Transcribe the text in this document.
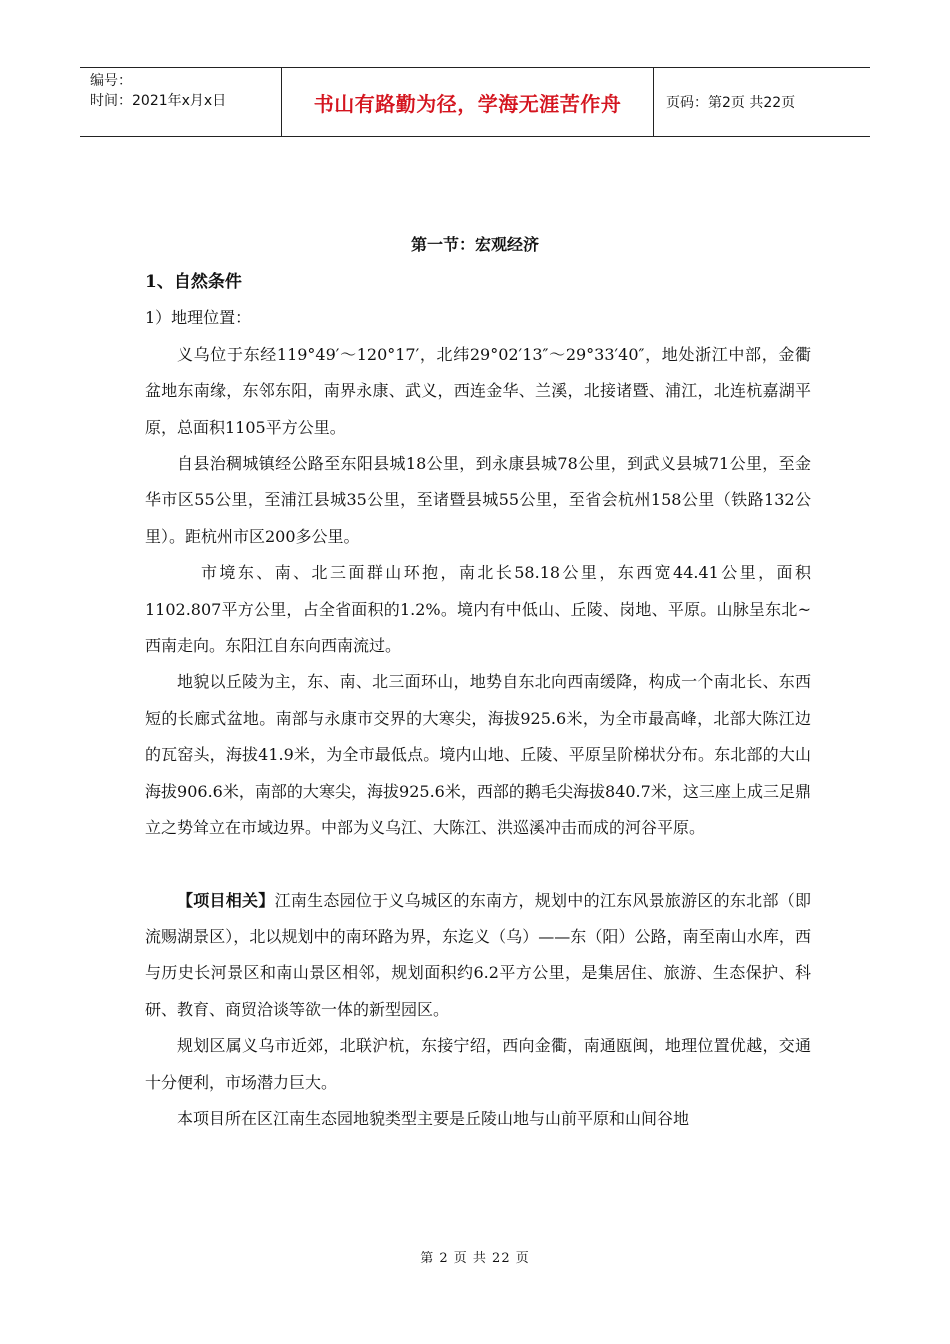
编号：
时间：2021年x月x日	书山有路勤为径，学海无涯苦作舟	页码：第2页 共22页
第一节：宏观经济

1、自然条件

1）地理位置：

义乌位于东经119°49′～120°17′，北纬29°02′13″～29°33′40″，地处浙江中部，金衢盆地东南缘，东邻东阳，南界永康、武义，西连金华、兰溪，北接诸暨、浦江，北连杭嘉湖平原，总面积1105平方公里。

自县治稠城镇经公路至东阳县城18公里，到永康县城78公里，到武义县城71公里，至金华市区55公里，至浦江县城35公里，至诸暨县城55公里，至省会杭州158公里（铁路132公里）。距杭州市区200多公里。

市境东、南、北三面群山环抱，南北长58.18公里，东西宽44.41公里，面积1102.807平方公里，占全省面积的1.2%。境内有中低山、丘陵、岗地、平原。山脉呈东北~西南走向。东阳江自东向西南流过。

地貌以丘陵为主，东、南、北三面环山，地势自东北向西南缓降，构成一个南北长、东西短的长廊式盆地。南部与永康市交界的大寒尖，海拔925.6米，为全市最高峰，北部大陈江边的瓦窑头，海拔41.9米，为全市最低点。境内山地、丘陵、平原呈阶梯状分布。东北部的大山海拔906.6米，南部的大寒尖，海拔925.6米，西部的鹅毛尖海拔840.7米，这三座上成三足鼎立之势耸立在市域边界。中部为义乌江、大陈江、洪巡溪冲击而成的河谷平原。

【项目相关】江南生态园位于义乌城区的东南方，规划中的江东风景旅游区的东北部（即流赐湖景区），北以规划中的南环路为界，东迄义（乌）——东（阳）公路，南至南山水库，西与历史长河景区和南山景区相邻，规划面积约6.2平方公里，是集居住、旅游、生态保护、科研、教育、商贸洽谈等欲一体的新型园区。

规划区属义乌市近郊，北联沪杭，东接宁绍，西向金衢，南通瓯闽，地理位置优越，交通十分便利，市场潜力巨大。

本项目所在区江南生态园地貌类型主要是丘陵山地与山前平原和山间谷地

第 2 页 共 22 页
